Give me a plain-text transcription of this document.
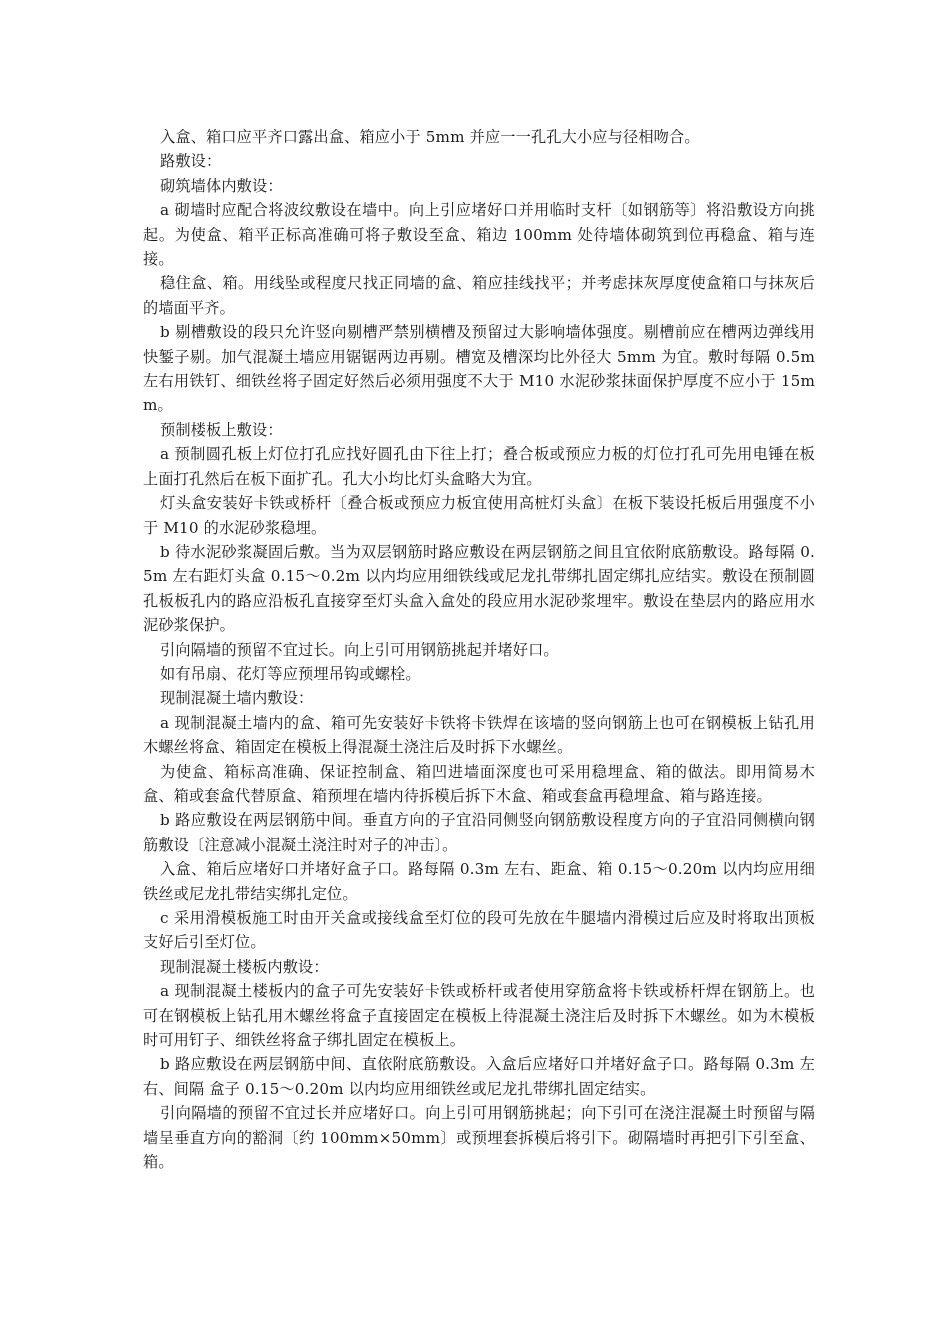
入盒、箱口应平齐口露出盒、箱应小于 5mm 并应一一孔孔大小应与径相吻合。

路敷设：

砌筑墙体内敷设：

a 砌墙时应配合将波纹敷设在墙中。向上引应堵好口并用临时支杆〔如钢筋等〕将沿敷设方向挑起。为使盒、箱平正标高准确可将子敷设至盒、箱边 100mm 处待墙体砌筑到位再稳盒、箱与连接。

稳住盒、箱。用线坠或程度尺找正同墙的盒、箱应挂线找平；并考虑抹灰厚度使盒箱口与抹灰后的墙面平齐。

b 剔槽敷设的段只允许竖向剔槽严禁别横槽及预留过大影响墙体强度。剔槽前应在槽两边弹线用快錾子剔。加气混凝土墙应用锯锯两边再剔。槽宽及槽深均比外径大 5mm 为宜。敷时每隔 0.5m 左右用铁钉、细铁丝将子固定好然后必须用强度不大于 M10 水泥砂浆抹面保护厚度不应小于 15mm。

预制楼板上敷设：

a 预制圆孔板上灯位打孔应找好圆孔由下往上打；叠合板或预应力板的灯位打孔可先用电锤在板上面打孔然后在板下面扩孔。孔大小均比灯头盒略大为宜。

灯头盒安装好卡铁或桥杆〔叠合板或预应力板宜使用高桩灯头盒〕在板下装设托板后用强度不小于 M10 的水泥砂浆稳埋。

b 待水泥砂浆凝固后敷。当为双层钢筋时路应敷设在两层钢筋之间且宜依附底筋敷设。路每隔 0.5m 左右距灯头盒 0.15～0.2m 以内均应用细铁线或尼龙扎带绑扎固定绑扎应结实。敷设在预制圆孔板板孔内的路应沿板孔直接穿至灯头盒入盒处的段应用水泥砂浆埋牢。敷设在垫层内的路应用水泥砂浆保护。

引向隔墙的预留不宜过长。向上引可用钢筋挑起并堵好口。

如有吊扇、花灯等应预埋吊钩或螺栓。

现制混凝土墙内敷设：

a 现制混凝土墙内的盒、箱可先安装好卡铁将卡铁焊在该墙的竖向钢筋上也可在钢模板上钻孔用木螺丝将盒、箱固定在模板上得混凝土浇注后及时拆下水螺丝。

为使盒、箱标高准确、保证控制盒、箱凹进墙面深度也可采用稳埋盒、箱的做法。即用简易木盒、箱或套盒代替原盒、箱预埋在墙内待拆模后拆下木盒、箱或套盒再稳埋盒、箱与路连接。

b 路应敷设在两层钢筋中间。垂直方向的子宜沿同侧竖向钢筋敷设程度方向的子宜沿同侧横向钢筋敷设〔注意减小混凝土浇注时对子的冲击〕。

入盒、箱后应堵好口并堵好盒子口。路每隔 0.3m 左右、距盒、箱 0.15～0.20m 以内均应用细铁丝或尼龙扎带结实绑扎定位。

c 采用滑模板施工时由开关盒或接线盒至灯位的段可先放在牛腿墙内滑模过后应及时将取出顶板支好后引至灯位。

现制混凝土楼板内敷设：

a 现制混凝土楼板内的盒子可先安装好卡铁或桥杆或者使用穿筋盒将卡铁或桥杆焊在钢筋上。也可在钢模板上钻孔用木螺丝将盒子直接固定在模板上待混凝土浇注后及时拆下木螺丝。如为木模板时可用钉子、细铁丝将盒子绑扎固定在模板上。

b 路应敷设在两层钢筋中间、直依附底筋敷设。入盒后应堵好口并堵好盒子口。路每隔 0.3m 左右、间隔 盒子 0.15～0.20m 以内均应用细铁丝或尼龙扎带绑扎固定结实。

引向隔墙的预留不宜过长并应堵好口。向上引可用钢筋挑起；向下引可在浇注混凝土时预留与隔墙呈垂直方向的豁洞〔约 100mm×50mm〕或预埋套拆模后将引下。砌隔墙时再把引下引至盒、箱。
